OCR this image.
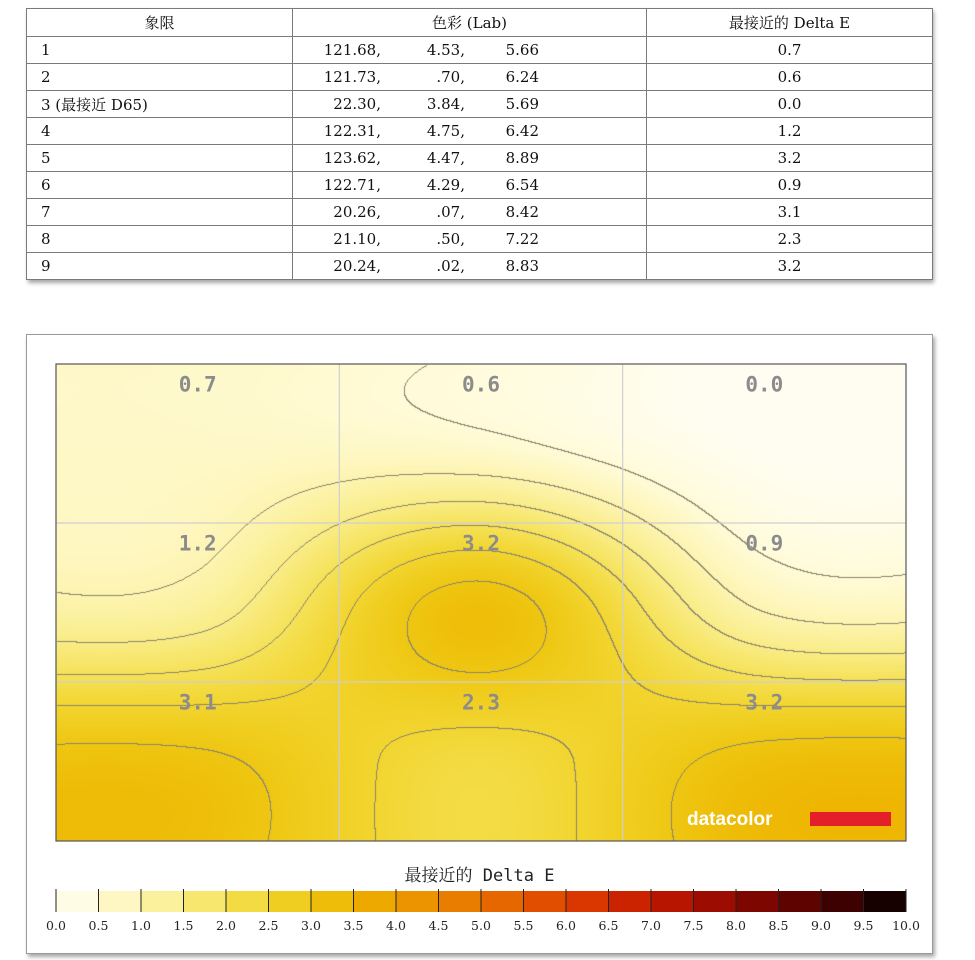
象限	色彩 (Lab)	最接近的 Delta E
1	121.68, 4.53, 5.66	0.7
2	121.73, .70, 6.24	0.6
3 (最接近 D65)	22.30, 3.84, 5.69	0.0
4	122.31, 4.75, 6.42	1.2
5	123.62, 4.47, 8.89	3.2
6	122.71, 4.29, 6.54	0.9
7	20.26, .07, 8.42	3.1
8	21.10, .50, 7.22	2.3
9	20.24, .02, 8.83	3.2
0.7	0.6	0.0
1.2	3.2	0.9
3.1	2.3	3.2
datacolor
最接近的 Delta E
0.0 0.5 1.0 1.5 2.0 2.5 3.0 3.5 4.0 4.5 5.0 5.5 6.0 6.5 7.0 7.5 8.0 8.5 9.0 9.5 10.0
